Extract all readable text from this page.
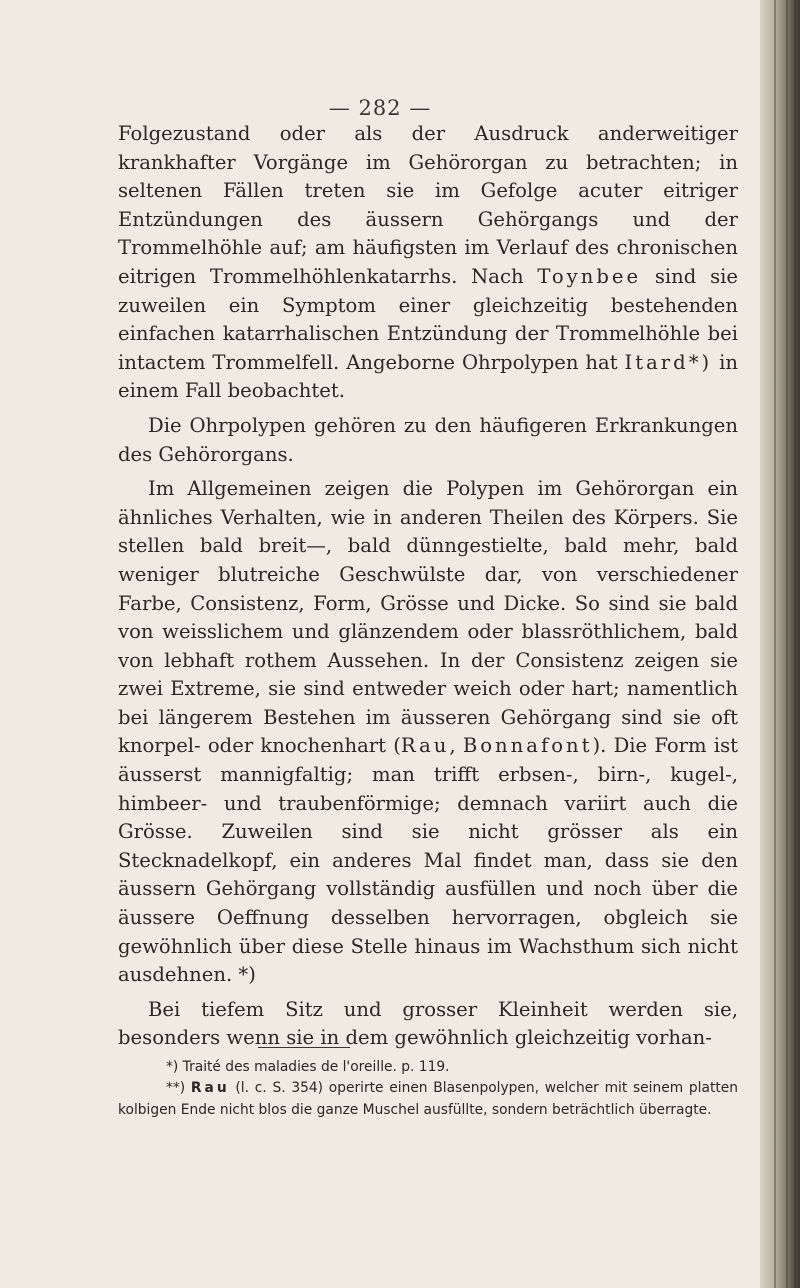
— 282 —

Folgezustand oder als der Ausdruck anderweitiger krankhafter Vorgänge im Gehörorgan zu betrachten; in seltenen Fällen treten sie im Gefolge acuter eitriger Entzündungen des äussern Gehörgangs und der Trommelhöhle auf; am häufigsten im Verlauf des chronischen eitrigen Trommelhöhlenkatarrhs. Nach Toynbee sind sie zuweilen ein Symptom einer gleichzeitig bestehenden einfachen katarrhalischen Entzündung der Trommelhöhle bei intactem Trommelfell. Angeborne Ohrpolypen hat Itard*) in einem Fall beobachtet.

Die Ohrpolypen gehören zu den häufigeren Erkrankungen des Gehörorgans.

Im Allgemeinen zeigen die Polypen im Gehörorgan ein ähnliches Verhalten, wie in anderen Theilen des Körpers. Sie stellen bald breit—, bald dünngestielte, bald mehr, bald weniger blutreiche Geschwülste dar, von verschiedener Farbe, Consistenz, Form, Grösse und Dicke. So sind sie bald von weisslichem und glänzendem oder blassröthlichem, bald von lebhaft rothem Aussehen. In der Consistenz zeigen sie zwei Extreme, sie sind entweder weich oder hart; namentlich bei längerem Bestehen im äusseren Gehörgang sind sie oft knorpel- oder knochenhart (Rau, Bonnafont). Die Form ist äusserst mannigfaltig; man trifft erbsen-, birn-, kugel-, himbeer- und traubenförmige; demnach variirt auch die Grösse. Zuweilen sind sie nicht grösser als ein Stecknadelkopf, ein anderes Mal findet man, dass sie den äussern Gehörgang vollständig ausfüllen und noch über die äussere Oeffnung desselben hervorragen, obgleich sie gewöhnlich über diese Stelle hinaus im Wachsthum sich nicht ausdehnen. *)

Bei tiefem Sitz und grosser Kleinheit werden sie, besonders wenn sie in dem gewöhnlich gleichzeitig vorhan-

*) Traité des maladies de l'oreille. p. 119.

**) Rau (l. c. S. 354) operirte einen Blasenpolypen, welcher mit seinem platten kolbigen Ende nicht blos die ganze Muschel ausfüllte, sondern beträchtlich überragte.
